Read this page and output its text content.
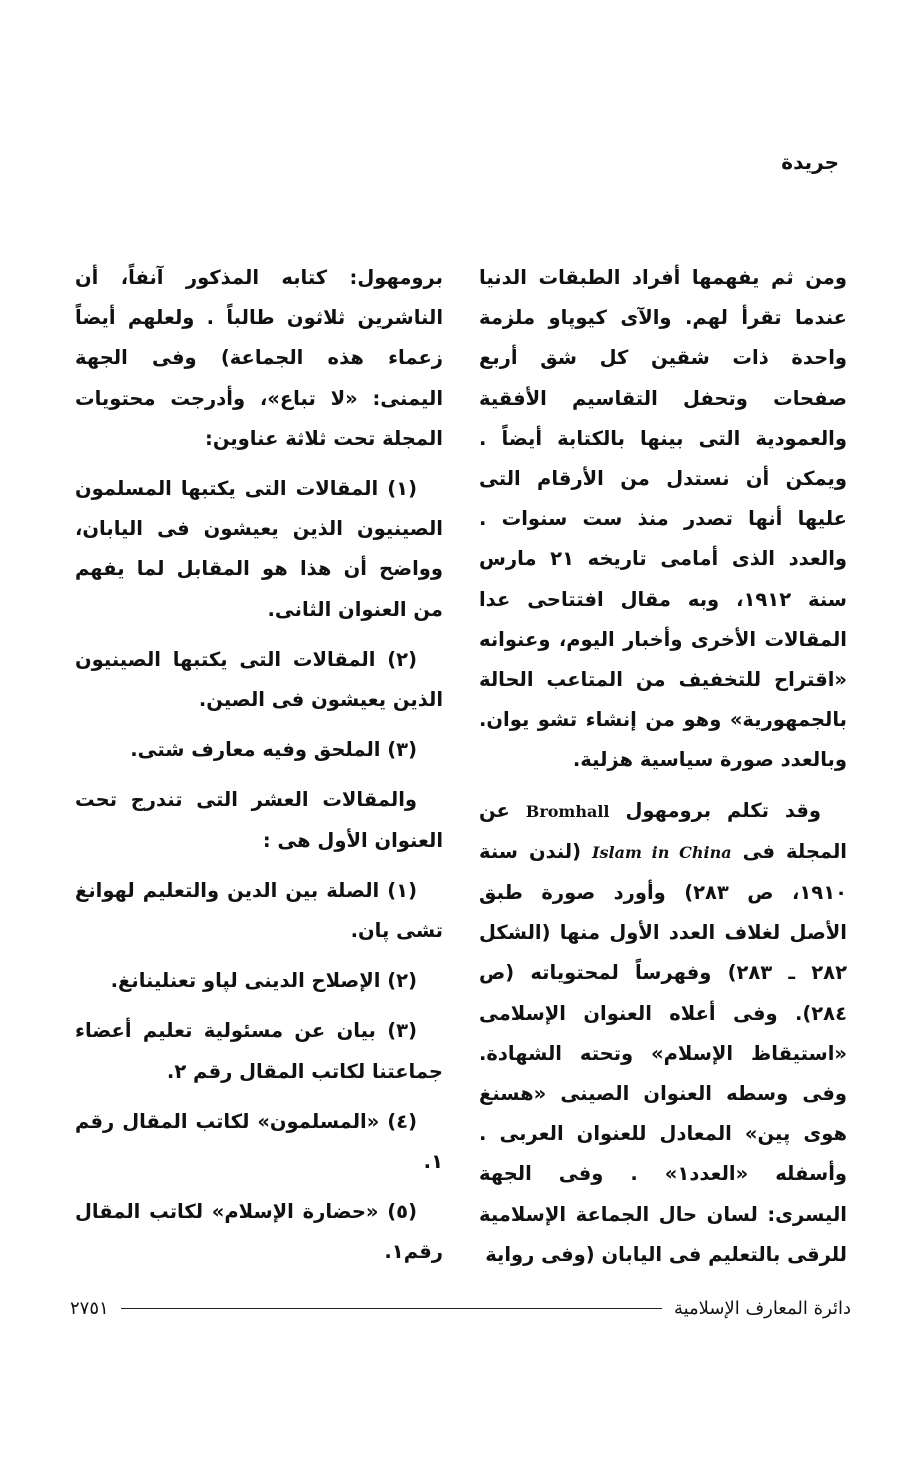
جريدة

ومن ثم يفهمها أفراد الطبقات الدنيا عندما تقرأ لهم. والآى كيوپاو ملزمة واحدة ذات شقين كل شق أربع صفحات وتحفل التقاسيم الأفقية والعمودية التى بينها بالكتابة أيضاً . ويمكن أن نستدل من الأرقام التى عليها أنها تصدر منذ ست سنوات . والعدد الذى أمامى تاريخه ٢١ مارس سنة ١٩١٢، وبه مقال افتتاحى عدا المقالات الأخرى وأخبار اليوم، وعنوانه «اقتراح للتخفيف من المتاعب الحالة بالجمهورية» وهو من إنشاء تشو يوان. وبالعدد صورة سياسية هزلية.

وقد تكلم برومهول Bromhall عن المجلة فى Islam in China (لندن سنة ١٩١٠، ص ٢٨٣) وأورد صورة طبق الأصل لغلاف العدد الأول منها (الشكل ٢٨٢ ـ ٢٨٣) وفهرساً لمحتوياته (ص ٢٨٤). وفى أعلاه العنوان الإسلامى «استيقاظ الإسلام» وتحته الشهادة. وفى وسطه العنوان الصينى «هسنغ هوى پين» المعادل للعنوان العربى . وأسفله «العدد١» . وفى الجهة اليسرى: لسان حال الجماعة الإسلامية للرقى بالتعليم فى اليابان (وفى رواية

برومهول: كتابه المذكور آنفاً، أن الناشرين ثلاثون طالباً . ولعلهم أيضاً زعماء هذه الجماعة) وفى الجهة اليمنى: «لا تباع»، وأدرجت محتويات المجلة تحت ثلاثة عناوين:

(١) المقالات التى يكتبها المسلمون الصينيون الذين يعيشون فى اليابان، وواضح أن هذا هو المقابل لما يفهم من العنوان الثانى.

(٢) المقالات التى يكتبها الصينيون الذين يعيشون فى الصين.

(٣) الملحق وفيه معارف شتى.

والمقالات العشر التى تندرج تحت العنوان الأول هى :

(١) الصلة بين الدين والتعليم لهوانغ تشى پان.

(٢) الإصلاح الدينى لپاو تعنلينانغ.

(٣) بيان عن مسئولية تعليم أعضاء جماعتنا لكاتب المقال رقم ٢.

(٤) «المسلمون» لكاتب المقال رقم ١.

(٥) «حضارة الإسلام» لكاتب المقال رقم١.

دائرة المعارف الإسلامية
٢٧٥١
